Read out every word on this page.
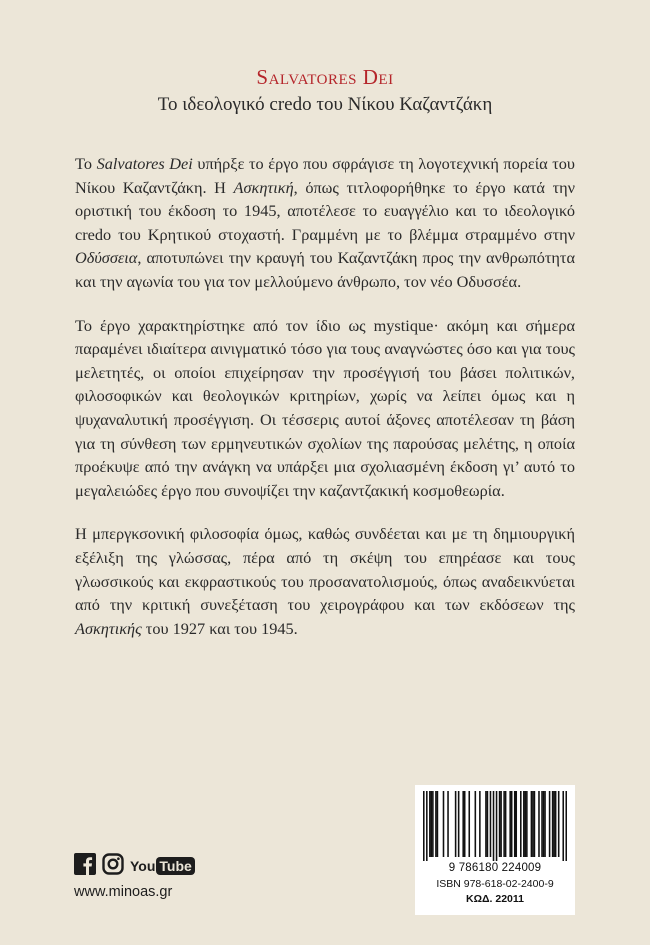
Salvatores Dei
Το ιδεολογικό credo του Νίκου Καζαντζάκη

Το Salvatores Dei υπήρξε το έργο που σφράγισε τη λογοτεχνική πορεία του Νίκου Καζαντζάκη. Η Ασκητική, όπως τιτλοφορήθηκε το έργο κατά την οριστική του έκδοση το 1945, αποτέλεσε το ευαγγέλιο και το ιδεολογικό credo του Κρητικού στοχαστή. Γραμμένη με το βλέμμα στραμμένο στην Οδύσσεια, αποτυπώνει την κραυγή του Καζαντζάκη προς την ανθρωπότητα και την αγωνία του για τον μελλούμενο άνθρωπο, τον νέο Οδυσσέα.

Το έργο χαρακτηρίστηκε από τον ίδιο ως mystique· ακόμη και σήμερα παραμένει ιδιαίτερα αινιγματικό τόσο για τους αναγνώστες όσο και για τους μελετητές, οι οποίοι επιχείρησαν την προσέγγισή του βάσει πολιτικών, φιλοσοφικών και θεολογικών κριτηρίων, χωρίς να λείπει όμως και η ψυχαναλυτική προσέγγιση. Οι τέσσερις αυτοί άξονες αποτέλεσαν τη βάση για τη σύνθεση των ερμηνευτικών σχολίων της παρούσας μελέτης, η οποία προέκυψε από την ανάγκη να υπάρξει μια σχολιασμένη έκδοση γι’ αυτό το μεγαλειώδες έργο που συνοψίζει την καζαντζακική κοσμοθεωρία.

Η μπεργκσονική φιλοσοφία όμως, καθώς συνδέεται και με τη δημιουργική εξέλιξη της γλώσσας, πέρα από τη σκέψη του επηρέασε και τους γλωσσικούς και εκφραστικούς του προσανατολισμούς, όπως αναδεικνύεται από την κριτική συνεξέταση του χειρογράφου και των εκδόσεων της Ασκητικής του 1927 και του 1945.

9 786180 224009
ISBN 978-618-02-2400-9
ΚΩΔ. 22011
You Tube
www.minoas.gr
